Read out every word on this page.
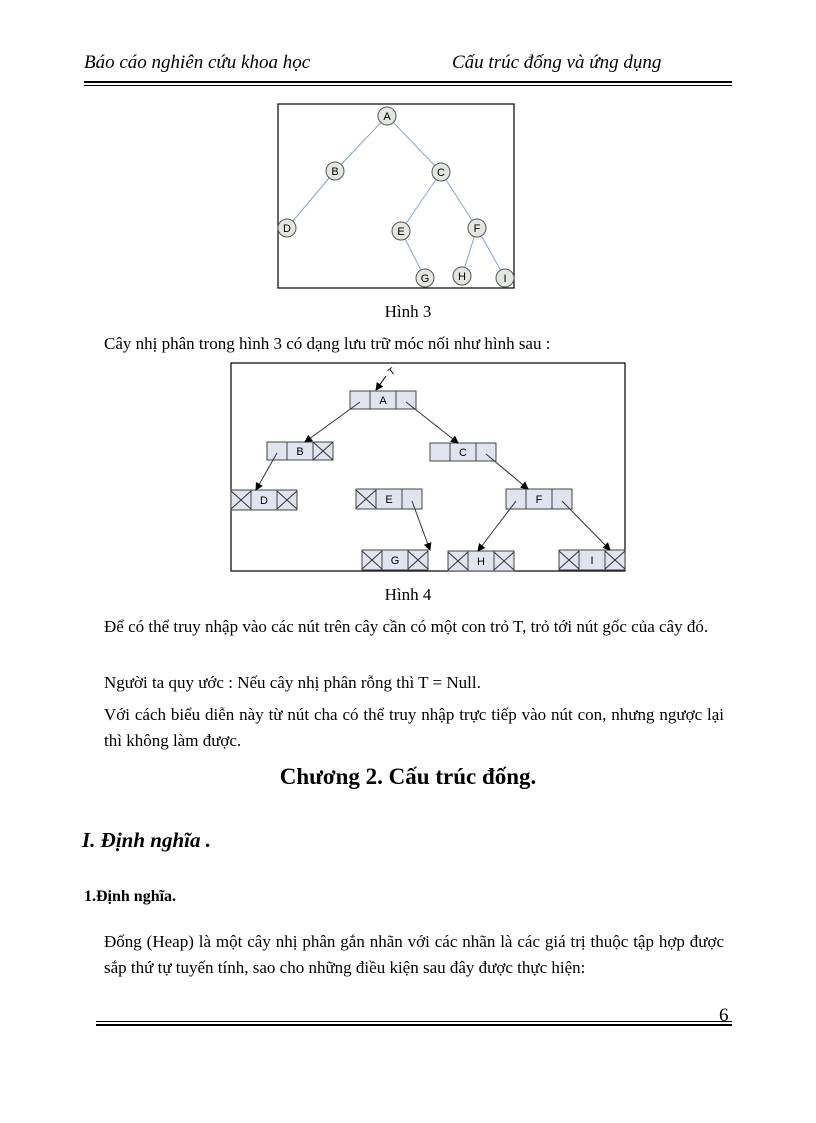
Báo cáo nghiên cứu khoa học	Cấu trúc đống và ứng dụng
A
B	C
D	E	F
G	H	I
Hình 3
Cây nhị phân trong hình 3 có dạng lưu trữ móc nối như hình sau :
T
A
B	C
D	E	F
G	H	I
Hình 4
Để có thể truy nhập vào các nút trên cây cần có một con trỏ T, trỏ tới nút gốc của cây đó.
Người ta quy ước : Nếu cây nhị phân rỗng thì T = Null.
Với cách biểu diễn này từ nút cha có thể truy nhập trực tiếp vào nút con, nhưng ngược lại thì không làm được.
Chương 2. Cấu trúc đống.
I. Định nghĩa .
1.Định nghĩa.
Đống (Heap) là một cây nhị phân gắn nhãn với các nhãn là các giá trị thuộc tập hợp được sắp thứ tự tuyến tính, sao cho những điều kiện sau đây được thực hiện:
6
